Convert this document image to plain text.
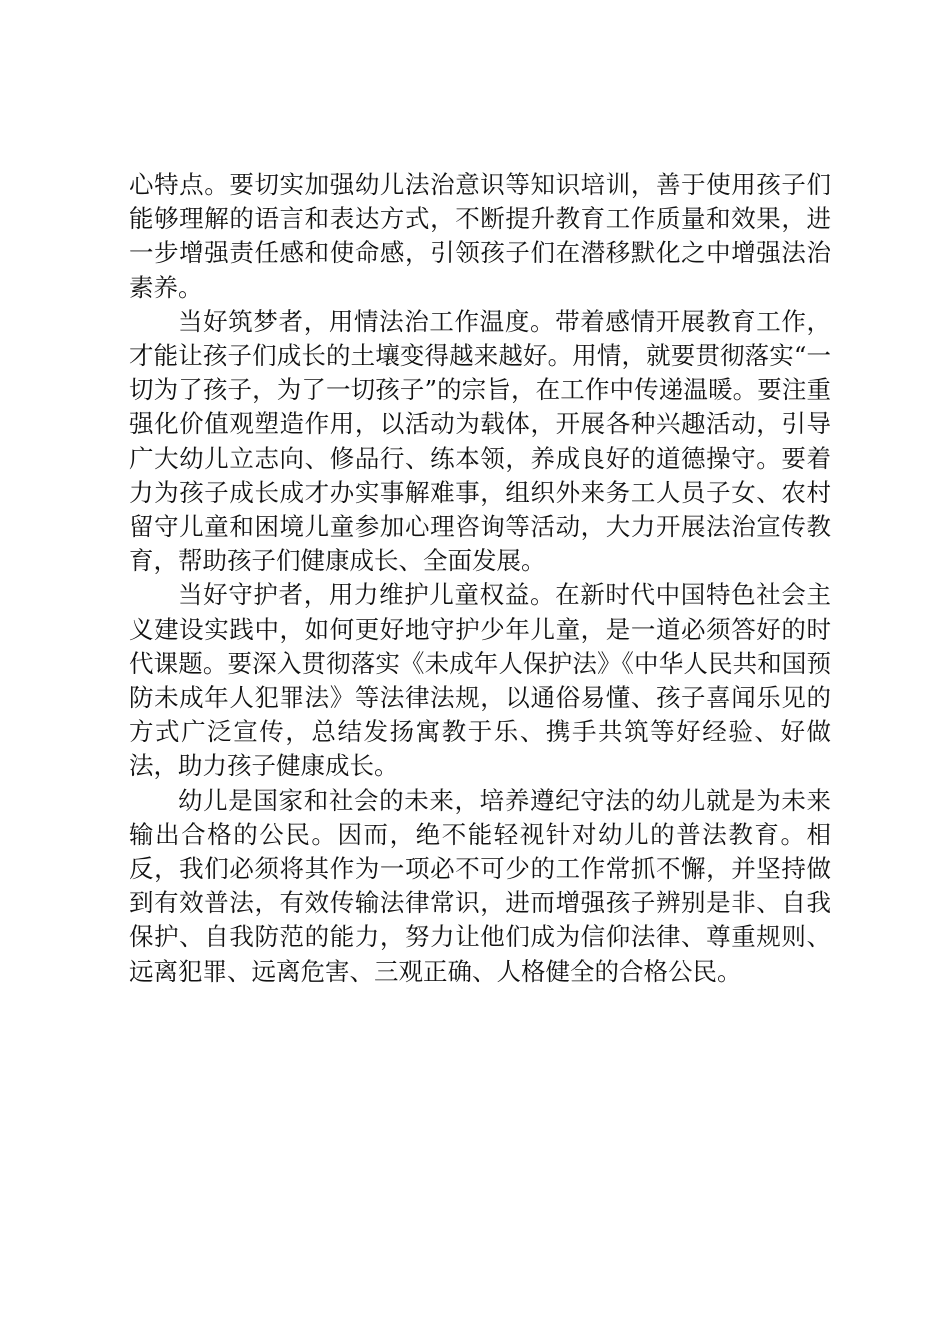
心特点。要切实加强幼儿法治意识等知识培训，善于使用孩子们能够理解的语言和表达方式，不断提升教育工作质量和效果，进一步增强责任感和使命感，引领孩子们在潜移默化之中增强法治素养。

当好筑梦者，用情法治工作温度。带着感情开展教育工作，才能让孩子们成长的土壤变得越来越好。用情，就要贯彻落实“一切为了孩子，为了一切孩子”的宗旨，在工作中传递温暖。要注重强化价值观塑造作用，以活动为载体，开展各种兴趣活动，引导广大幼儿立志向、修品行、练本领，养成良好的道德操守。要着力为孩子成长成才办实事解难事，组织外来务工人员子女、农村留守儿童和困境儿童参加心理咨询等活动，大力开展法治宣传教育，帮助孩子们健康成长、全面发展。

当好守护者，用力维护儿童权益。在新时代中国特色社会主义建设实践中，如何更好地守护少年儿童，是一道必须答好的时代课题。要深入贯彻落实《未成年人保护法》《中华人民共和国预防未成年人犯罪法》等法律法规，以通俗易懂、孩子喜闻乐见的方式广泛宣传，总结发扬寓教于乐、携手共筑等好经验、好做法，助力孩子健康成长。

幼儿是国家和社会的未来，培养遵纪守法的幼儿就是为未来输出合格的公民。因而，绝不能轻视针对幼儿的普法教育。相反，我们必须将其作为一项必不可少的工作常抓不懈，并坚持做到有效普法，有效传输法律常识，进而增强孩子辨别是非、自我保护、自我防范的能力，努力让他们成为信仰法律、尊重规则、远离犯罪、远离危害、三观正确、人格健全的合格公民。
